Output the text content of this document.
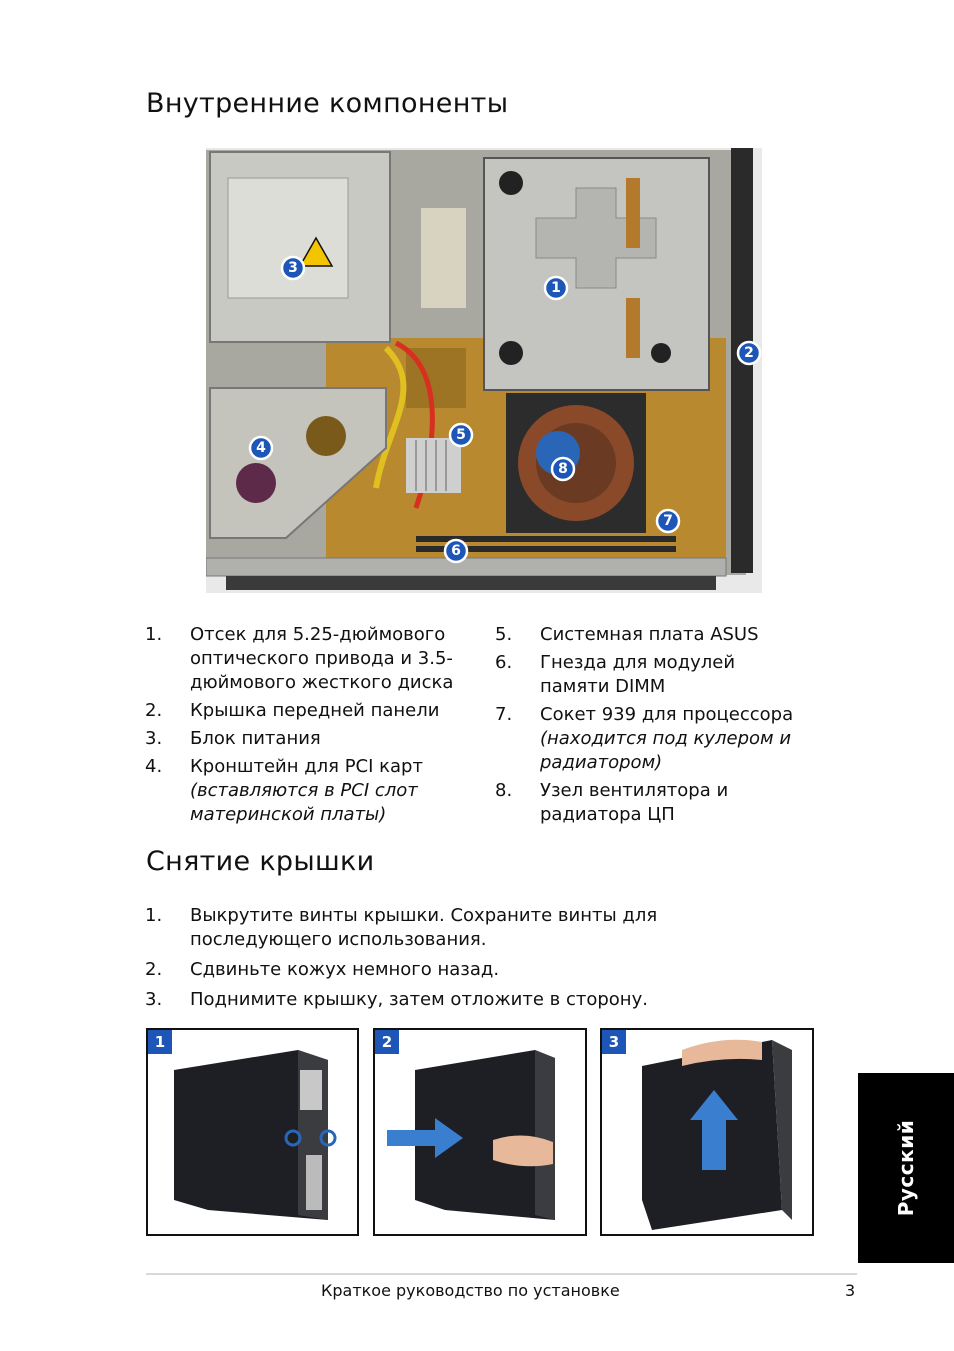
Внутренние компоненты
1
2
3
4
5
6
7
8
1. Отсек для 5.25-дюймового оптического привода и 3.5-дюймового жесткого диска
2. Крышка передней панели
3. Блок питания
4. Кронштейн для PCI карт
(вставляются в PCI слот материнской платы)
5. Системная плата ASUS
6. Гнезда для модулей памяти DIMM
7. Сокет 939 для процессора
(находится под кулером и радиатором)
8. Узел вентилятора и радиатора ЦП
Снятие крышки
1. Выкрутите винты крышки. Сохраните винты для последующего использования.
2. Сдвиньте кожух немного назад.
3. Поднимите крышку, затем отложите в сторону.
1	2	3
Русский
Краткое руководство по установке	3
